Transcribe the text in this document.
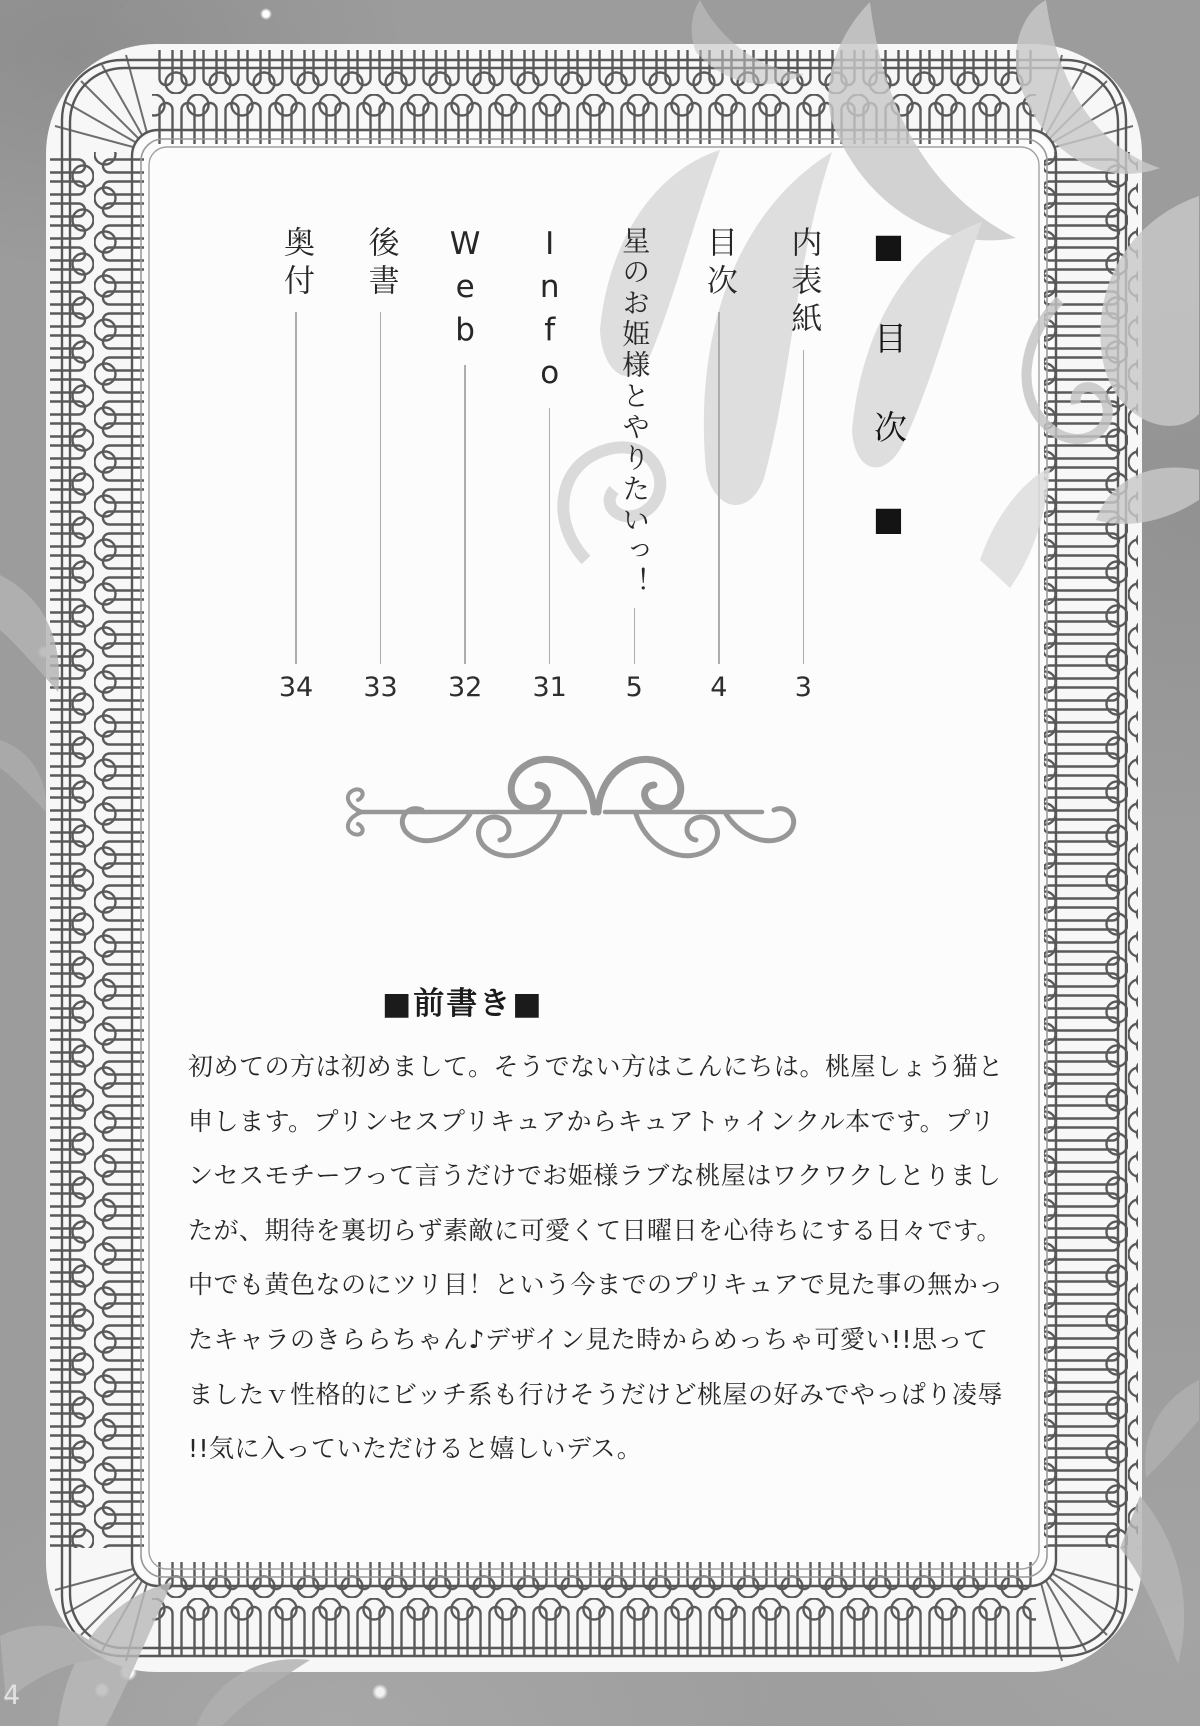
奥付
34
後書
33
Web
32
Info
31
星のお姫様とやりたいっ！
5
目次
4
内表紙
3
■目次■
■前書き■

初めての方は初めまして。そうでない方はこんにちは。桃屋しょう猫と

申します。プリンセスプリキュアからキュアトゥインクル本です。プリ

ンセスモチーフって言うだけでお姫様ラブな桃屋はワクワクしとりまし

たが、期待を裏切らず素敵に可愛くて日曜日を心待ちにする日々です。

中でも黄色なのにツリ目！という今までのプリキュアで見た事の無かっ

たキャラのきららちゃん♪デザイン見た時からめっちゃ可愛い!!思って

ましたｖ性格的にビッチ系も行けそうだけど桃屋の好みでやっぱり凌辱

!!気に入っていただけると嬉しいデス。

4
